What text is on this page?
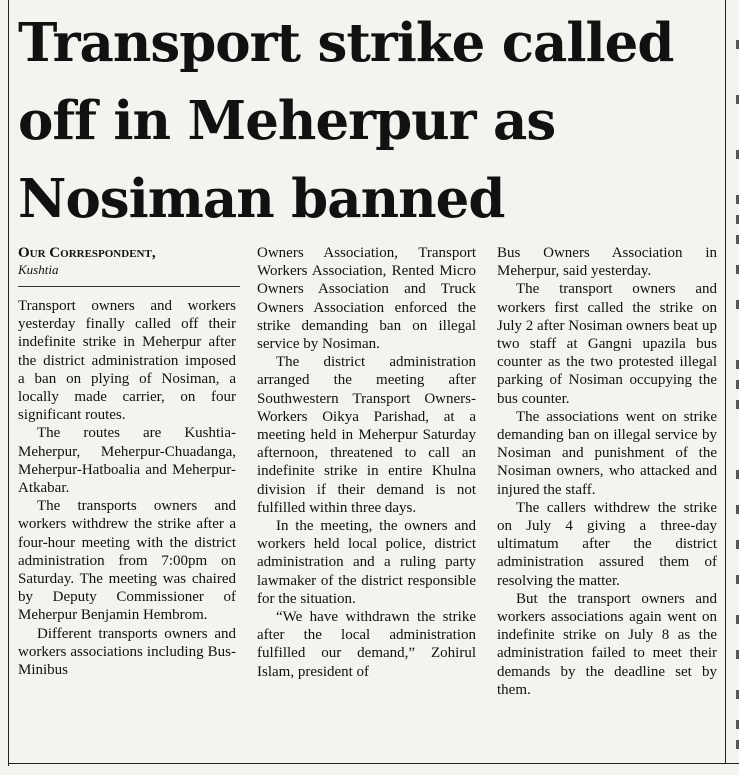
Transport strike called off in Meherpur as Nosiman banned
Our Correspondent,
Kushtia

Transport owners and workers yesterday finally called off their indefinite strike in Meherpur after the district administration imposed a ban on plying of Nosiman, a locally made carrier, on four significant routes.

The routes are Kushtia-Meherpur, Meherpur-Chuadanga, Meherpur-Hatboalia and Meherpur-Atkabar.

The transports owners and workers withdrew the strike after a four-hour meeting with the district administration from 7:00pm on Saturday. The meeting was chaired by Deputy Commissioner of Meherpur Benjamin Hembrom.

Different transports owners and workers associations including Bus-Minibus

Owners Association, Transport Workers Association, Rented Micro Owners Association and Truck Owners Association enforced the strike demanding ban on illegal service by Nosiman.

The district administration arranged the meeting after Southwestern Transport Owners-Workers Oikya Parishad, at a meeting held in Meherpur Saturday afternoon, threatened to call an indefinite strike in entire Khulna division if their demand is not fulfilled within three days.

In the meeting, the owners and workers held local police, district administration and a ruling party lawmaker of the district responsible for the situation.

“We have withdrawn the strike after the local administration fulfilled our demand,” Zohirul Islam, president of

Bus Owners Association in Meherpur, said yesterday.

The transport owners and workers first called the strike on July 2 after Nosiman owners beat up two staff at Gangni upazila bus counter as the two protested illegal parking of Nosiman occupying the bus counter.

The associations went on strike demanding ban on illegal service by Nosiman and punishment of the Nosiman owners, who attacked and injured the staff.

The callers withdrew the strike on July 4 giving a three-day ultimatum after the district administration assured them of resolving the matter.

But the transport owners and workers associations again went on indefinite strike on July 8 as the administration failed to meet their demands by the deadline set by them.
